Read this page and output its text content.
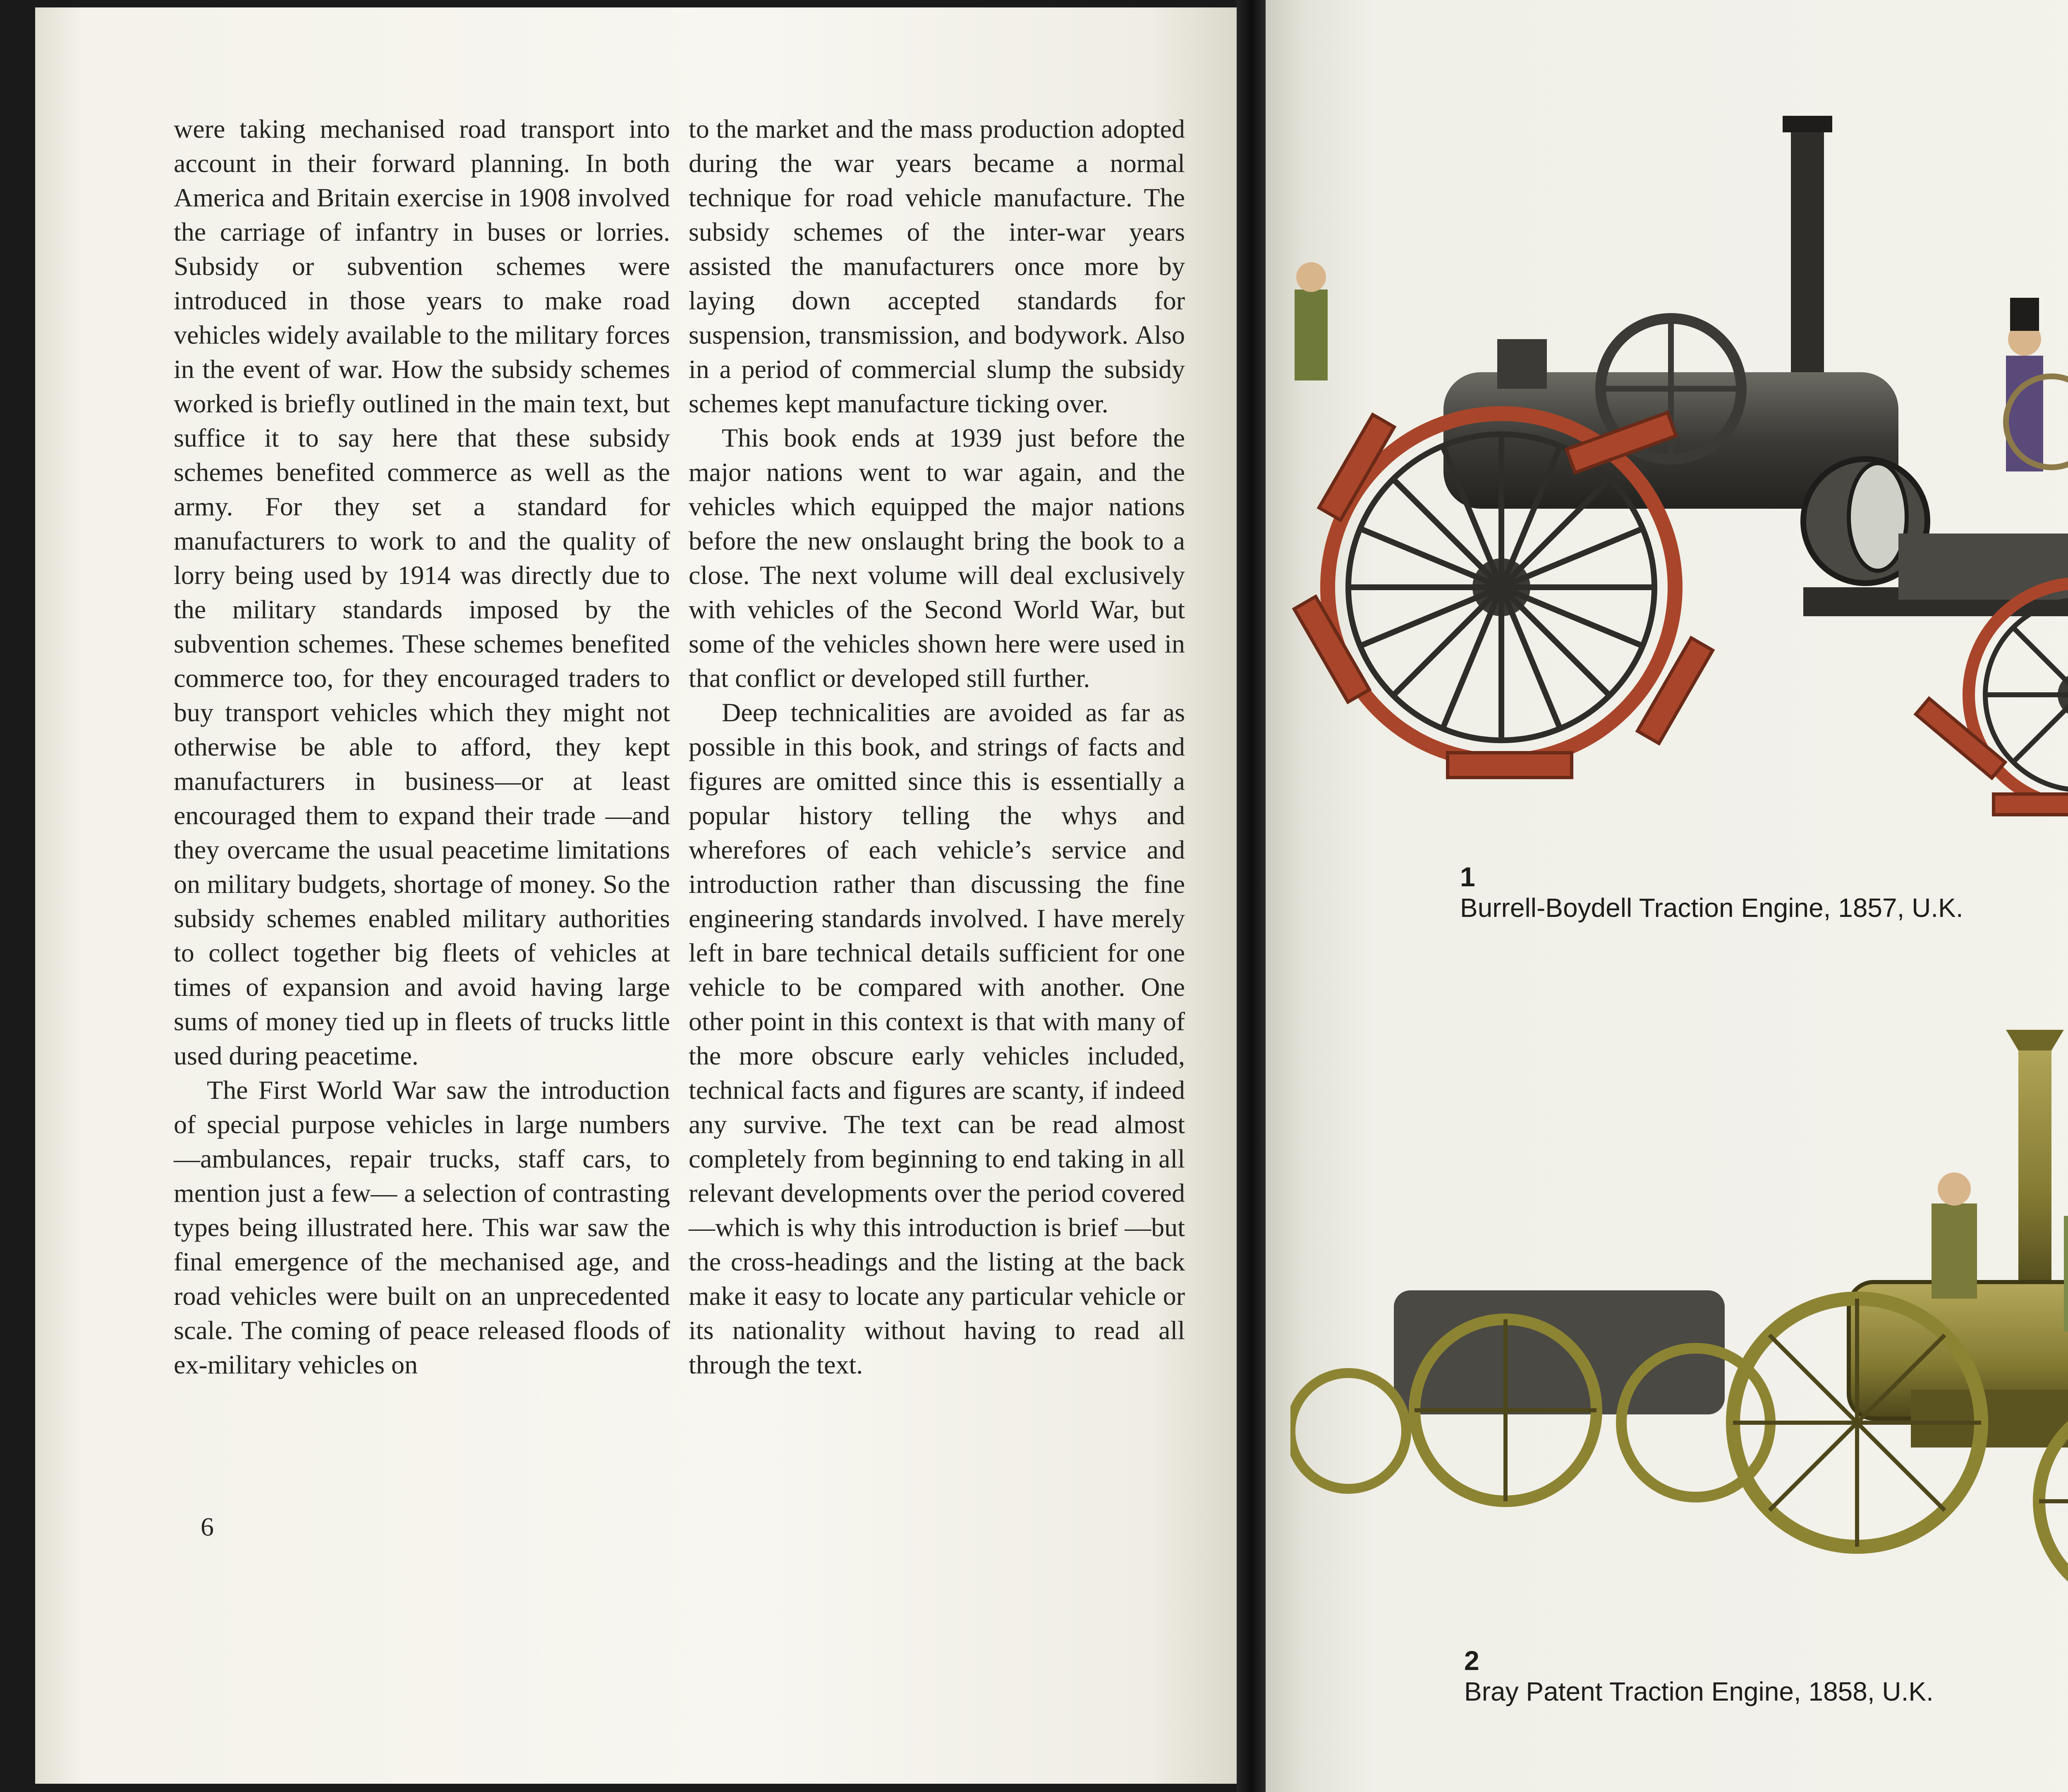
were taking mechanised road transport into account in their forward planning. In both America and Britain exercise in 1908 involved the carriage of infantry in buses or lorries. Subsidy or subvention schemes were introduced in those years to make road vehicles widely available to the military forces in the event of war. How the subsidy schemes worked is briefly outlined in the main text, but suffice it to say here that these subsidy schemes benefited commerce as well as the army. For they set a standard for manufacturers to work to and the quality of lorry being used by 1914 was directly due to the military standards imposed by the subvention schemes. These schemes benefited commerce too, for they encouraged traders to buy transport vehicles which they might not otherwise be able to afford, they kept manufacturers in business—or at least encouraged them to expand their trade —and they overcame the usual peacetime limitations on military budgets, shortage of money. So the subsidy schemes enabled military authorities to collect together big fleets of vehicles at times of expansion and avoid having large sums of money tied up in fleets of trucks little used during peacetime.

The First World War saw the introduction of special purpose vehicles in large numbers—ambulances, repair trucks, staff cars, to mention just a few— a selection of contrasting types being illustrated here. This war saw the final emergence of the mechanised age, and road vehicles were built on an unprecedented scale. The coming of peace released floods of ex-military vehicles on

to the market and the mass production adopted during the war years became a normal technique for road vehicle manufacture. The subsidy schemes of the inter-war years assisted the manufacturers once more by laying down accepted standards for suspension, transmission, and bodywork. Also in a period of commercial slump the subsidy schemes kept manufacture ticking over.

This book ends at 1939 just before the major nations went to war again, and the vehicles which equipped the major nations before the new onslaught bring the book to a close. The next volume will deal exclusively with vehicles of the Second World War, but some of the vehicles shown here were used in that conflict or developed still further.

Deep technicalities are avoided as far as possible in this book, and strings of facts and figures are omitted since this is essentially a popular history telling the whys and wherefores of each vehicle’s service and introduction rather than discussing the fine engineering standards involved. I have merely left in bare technical details sufficient for one vehicle to be compared with another. One other point in this context is that with many of the more obscure early vehicles included, technical facts and figures are scanty, if indeed any survive. The text can be read almost completely from beginning to end taking in all relevant developments over the period covered —which is why this introduction is brief —but the cross-headings and the listing at the back make it easy to locate any particular vehicle or its nationality without having to read all through the text.

6
1
Burrell-Boydell Traction Engine, 1857, U.K.
2
Bray Patent Traction Engine, 1858, U.K.
